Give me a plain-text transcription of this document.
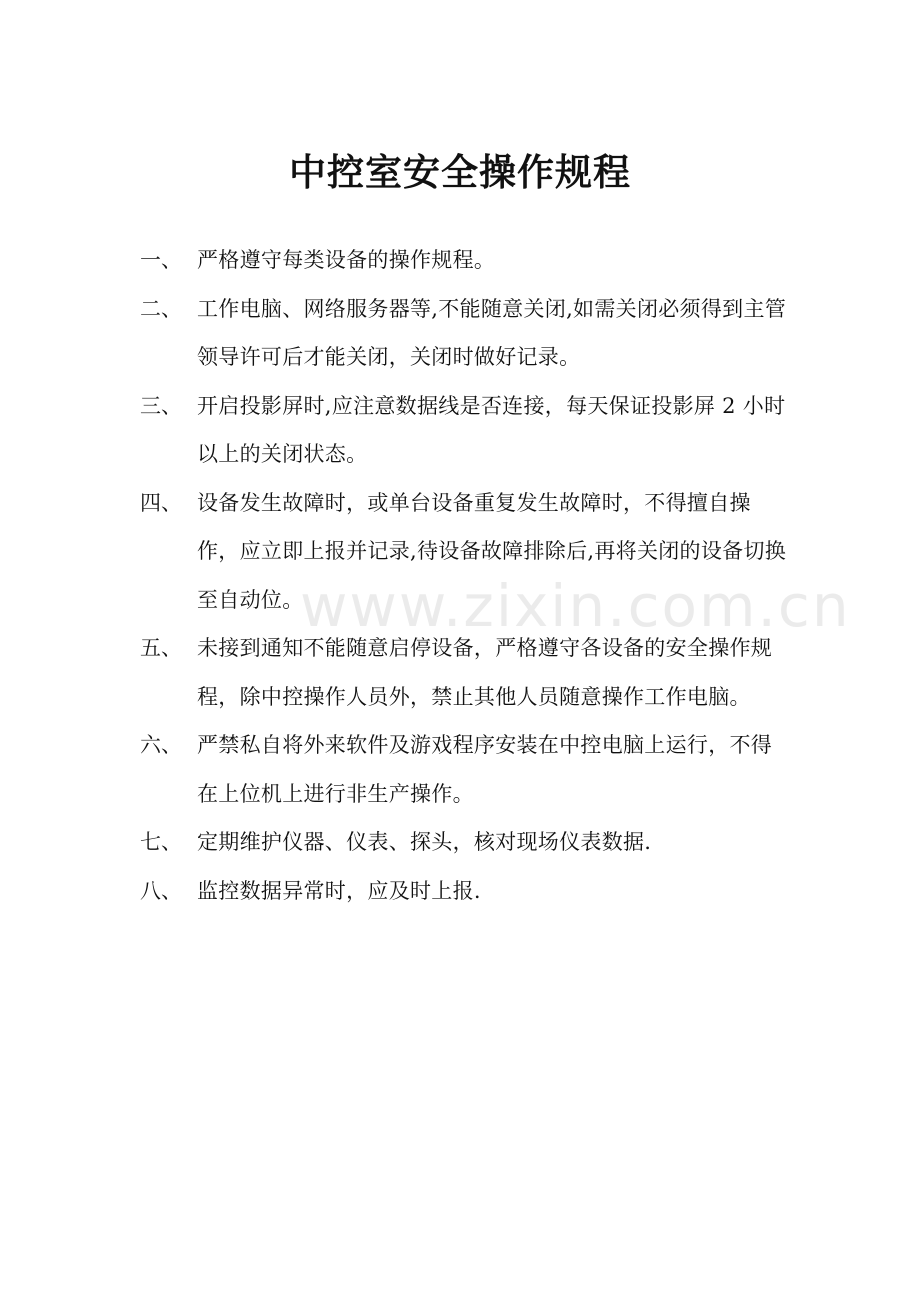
www.zixin.com.cn
中控室安全操作规程
一、 严格遵守每类设备的操作规程。
二、 工作电脑、网络服务器等,不能随意关闭,如需关闭必须得到主管领导许可后才能关闭，关闭时做好记录。
三、 开启投影屏时,应注意数据线是否连接，每天保证投影屏 2 小时以上的关闭状态。
四、 设备发生故障时，或单台设备重复发生故障时，不得擅自操作，应立即上报并记录,待设备故障排除后,再将关闭的设备切换至自动位。
五、 未接到通知不能随意启停设备，严格遵守各设备的安全操作规程，除中控操作人员外，禁止其他人员随意操作工作电脑。
六、 严禁私自将外来软件及游戏程序安装在中控电脑上运行，不得在上位机上进行非生产操作。
七、 定期维护仪器、仪表、探头，核对现场仪表数据.
八、 监控数据异常时，应及时上报.
